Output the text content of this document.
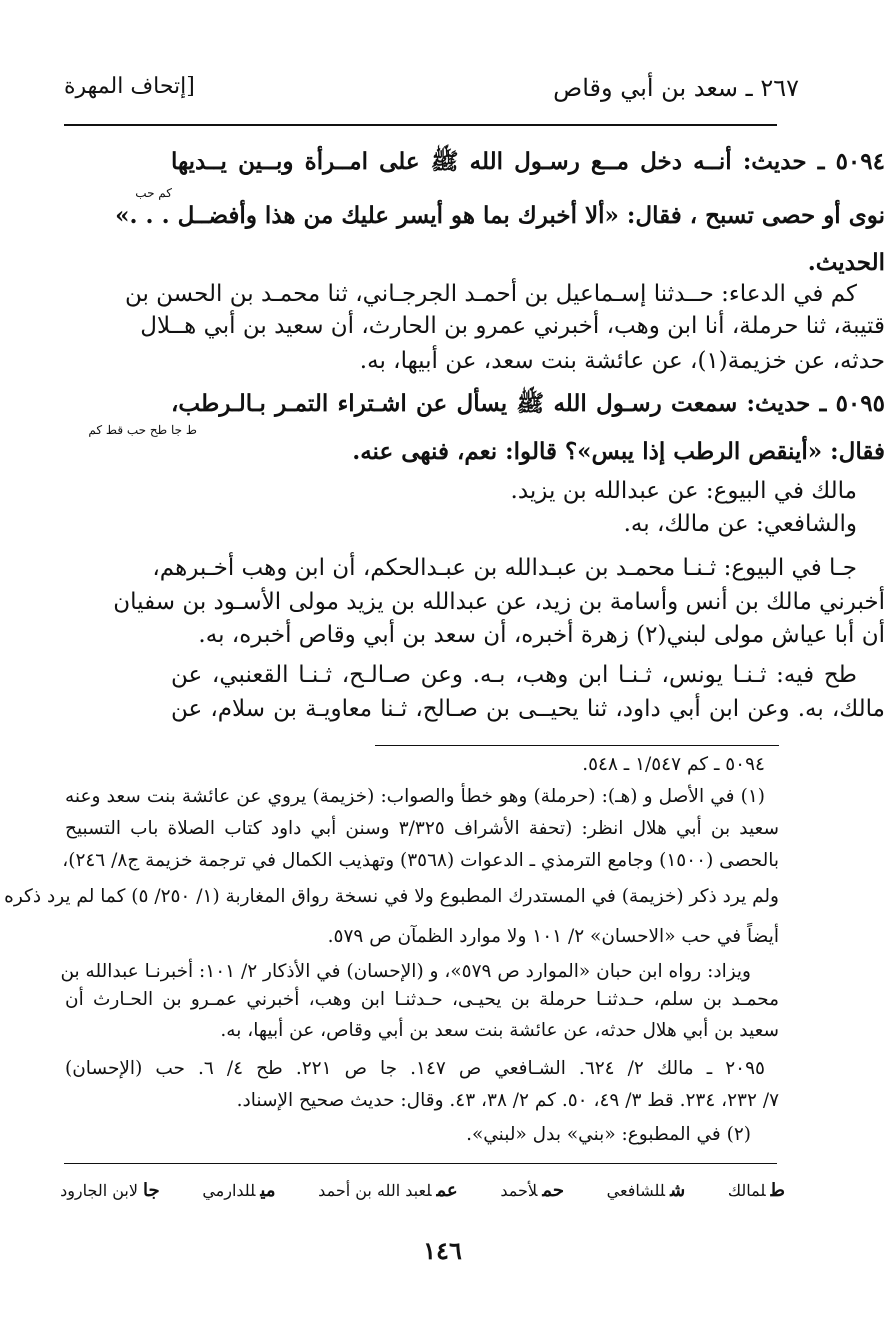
٢٦٧ ـ سعد بن أبي وقاص
[إتحاف المهرة
٥٠٩٤ ـ حديث: أنــه دخل مــع رسـول الله ﷺ على امــرأة وبــين يــديها
كم حب
نوى أو حصى تسبح ، فقال: «ألا أخبرك بما هو أيسر عليك من هذا وأفضــل . . .»
الحديث.
كم في الدعاء: حــدثنا إسـماعيل بن أحمـد الجرجـاني، ثنا محمـد بن الحسن بن
قتيبة، ثنا حرملة، أنا ابن وهب، أخبرني عمرو بن الحارث، أن سعيد بن أبي هــلال
حدثه، عن خزيمة(١)، عن عائشة بنت سعد، عن أبيها، به.
٥٠٩٥ ـ حديث: سمعت رسـول الله ﷺ يسأل عن اشـتراء التمـر بـالـرطب،
ط جا طح حب قط كم
فقال: «أينقص الرطب إذا يبس»؟ قالوا: نعم، فنهى عنه.
مالك في البيوع: عن عبدالله بن يزيد.
والشافعي: عن مالك، به.
جـا في البيوع: ثـنـا محمـد بن عبـدالله بن عبـدالحكم، أن ابن وهب أخـبرهم،
أخبرني مالك بن أنس وأسامة بن زيد، عن عبدالله بن يزيد مولى الأسـود بن سفيان
أن أبا عياش مولى لبني(٢) زهرة أخبره، أن سعد بن أبي وقاص أخبره، به.
طح فيه: ثـنـا يونس، ثـنـا ابن وهب، بـه. وعن صـالـح، ثـنـا القعنبي، عن
مالك، به. وعن ابن أبي داود، ثنا يحيــى بن صـالح، ثـنا معاويـة بن سلام، عن
٥٠٩٤ ـ كم ١/٥٤٧ ـ ٥٤٨.
(١) في الأصل و (هـ): (حرملة) وهو خطأ والصواب: (خزيمة) يروي عن عائشة بنت سعد وعنه
سعيد بن أبي هلال انظر: (تحفة الأشراف ٣/٣٢٥ وسنن أبي داود كتاب الصلاة باب التسبيح
بالحصى (١٥٠٠) وجامع الترمذي ـ الدعوات (٣٥٦٨) وتهذيب الكمال في ترجمة خزيمة ج٨/ ٢٤٦)،
ولم يرد ذكر (خزيمة) في المستدرك المطبوع ولا في نسخة رواق المغاربة (١/ ٢٥٠/ ٥) كما لم يرد ذكره
أيضاً في حب «الاحسان» ٢/ ١٠١ ولا موارد الظمآن ص ٥٧٩.
ويزاد: رواه ابن حبان «الموارد ص ٥٧٩»، و (الإحسان) في الأذكار ٢/ ١٠١: أخبرنـا عبدالله بن
محمـد بن سلم، حـدثنـا حرملة بن يحيـى، حـدثنـا ابن وهب، أخبرني عمـرو بن الحـارث أن
سعيد بن أبي هلال حدثه، عن عائشة بنت سعد بن أبي وقاص، عن أبيها، به.
٢٠٩٥ ـ مالك ٢/ ٦٢٤. الشـافعي ص ١٤٧. جا ص ٢٢١. طح ٤/ ٦. حب (الإحسان)
٧/ ٢٣٢، ٢٣٤. قط ٣/ ٤٩، ٥٠. كم ٢/ ٣٨، ٤٣. وقال: حديث صحيح الإسناد.
(٢) في المطبوع: «بني» بدل «لبني».
طلمالك
شللشافعي
حملأحمد
عملعبد الله بن أحمد
ميللدارمي
جالابن الجارود
١٤٦
